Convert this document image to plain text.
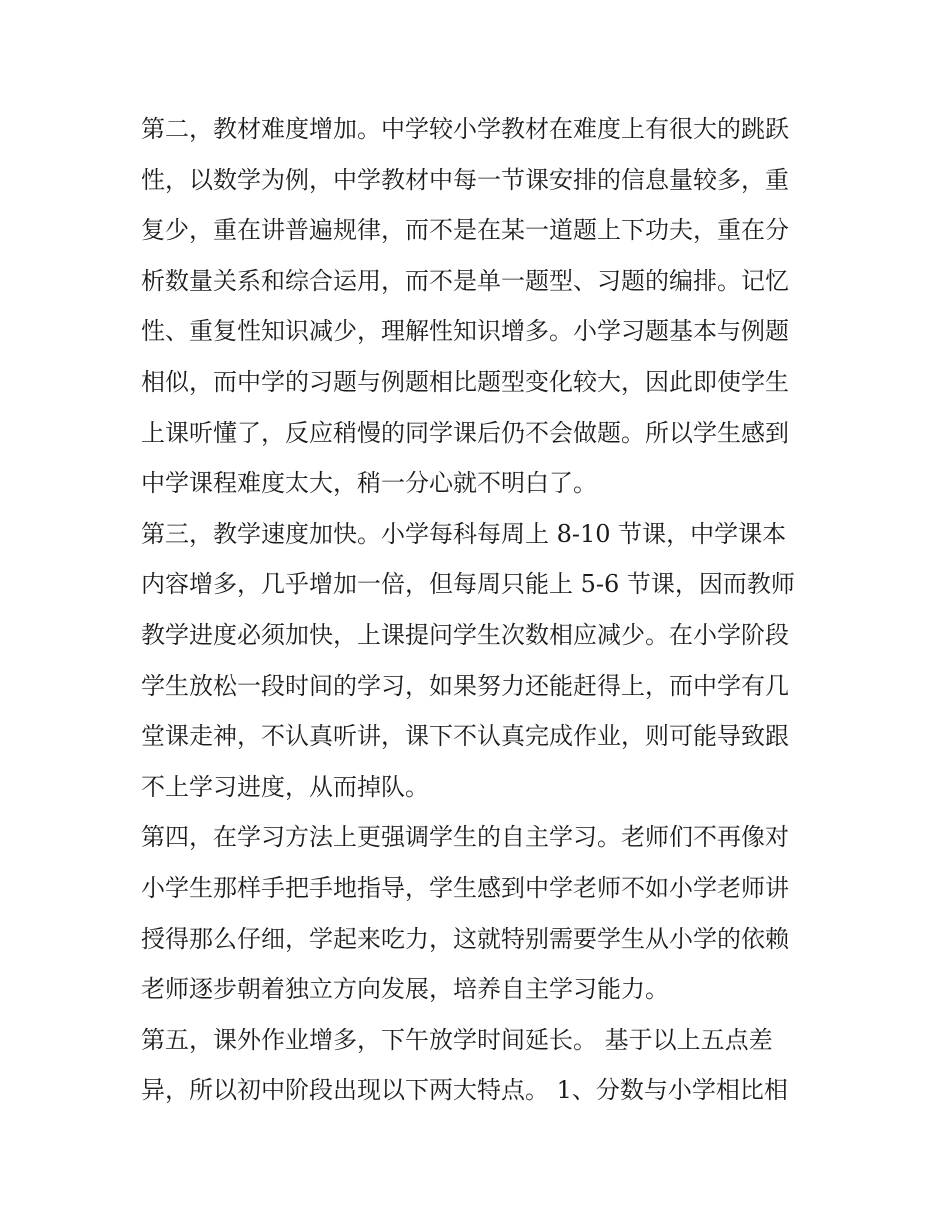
第二，教材难度增加。中学较小学教材在难度上有很大的跳跃
性，以数学为例，中学教材中每一节课安排的信息量较多，重
复少，重在讲普遍规律，而不是在某一道题上下功夫，重在分
析数量关系和综合运用，而不是单一题型、习题的编排。记忆
性、重复性知识减少，理解性知识增多。小学习题基本与例题
相似，而中学的习题与例题相比题型变化较大，因此即使学生
上课听懂了，反应稍慢的同学课后仍不会做题。所以学生感到
中学课程难度太大，稍一分心就不明白了。
第三，教学速度加快。小学每科每周上 8-10 节课，中学课本
内容增多，几乎增加一倍，但每周只能上 5-6 节课，因而教师
教学进度必须加快，上课提问学生次数相应减少。在小学阶段
学生放松一段时间的学习，如果努力还能赶得上，而中学有几
堂课走神，不认真听讲，课下不认真完成作业，则可能导致跟
不上学习进度，从而掉队。
第四，在学习方法上更强调学生的自主学习。老师们不再像对
小学生那样手把手地指导，学生感到中学老师不如小学老师讲
授得那么仔细，学起来吃力，这就特别需要学生从小学的依赖
老师逐步朝着独立方向发展，培养自主学习能力。
第五，课外作业增多，下午放学时间延长。 基于以上五点差
异，所以初中阶段出现以下两大特点。 1、分数与小学相比相
